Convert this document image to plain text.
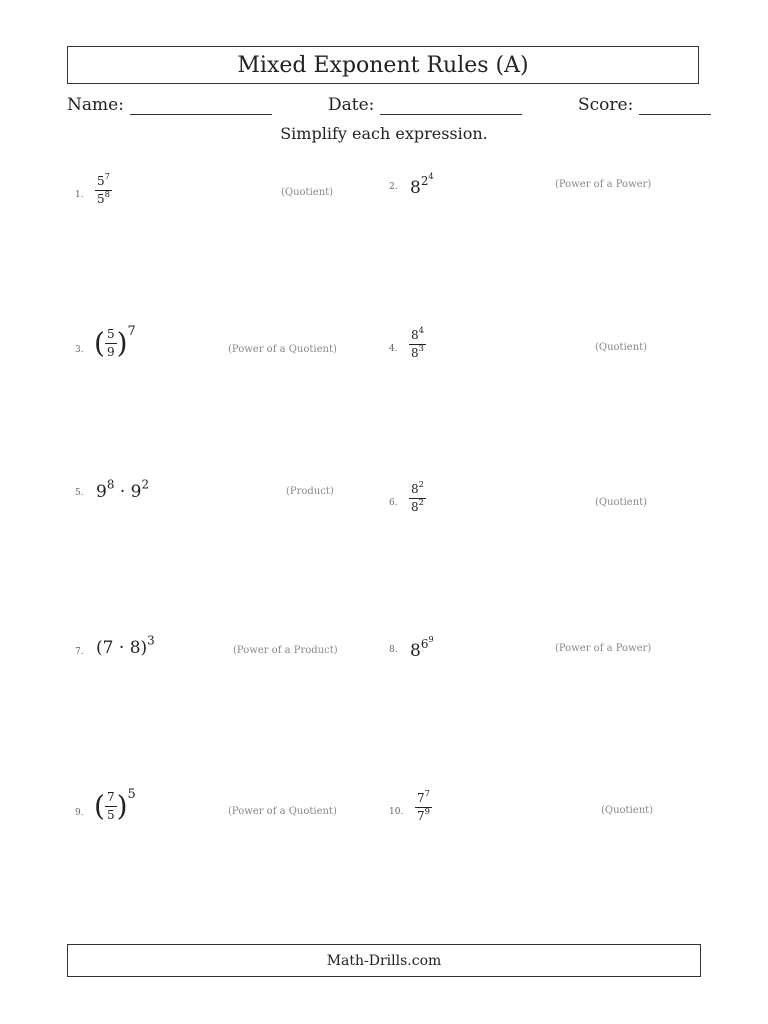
Mixed Exponent Rules (A)
Name:	Date:	Score:
Simplify each expression.
1. $\frac{5^7}{5^8}$	(Quotient)	2. $8^{2^4}$
(Power of a Power)
3. ( $\frac{5}{9} )^7$
(Power of a Quotient)	4. $\frac{8^4}{8^3}$	(Quotient)
5. $9^8 \cdot 9^2$	(Product)
6. $\frac{8^2}{8^2}$	(Quotient)
7. $(7 \cdot 8)^3$
(Power of a Product)	8. $8^{6^9}$
(Power of a Power)
9. ( $\frac{7}{5} )^5$
(Power of a Quotient)	10. $\frac{7^7}{7^9}$	(Quotient)
Math-Drills.com
